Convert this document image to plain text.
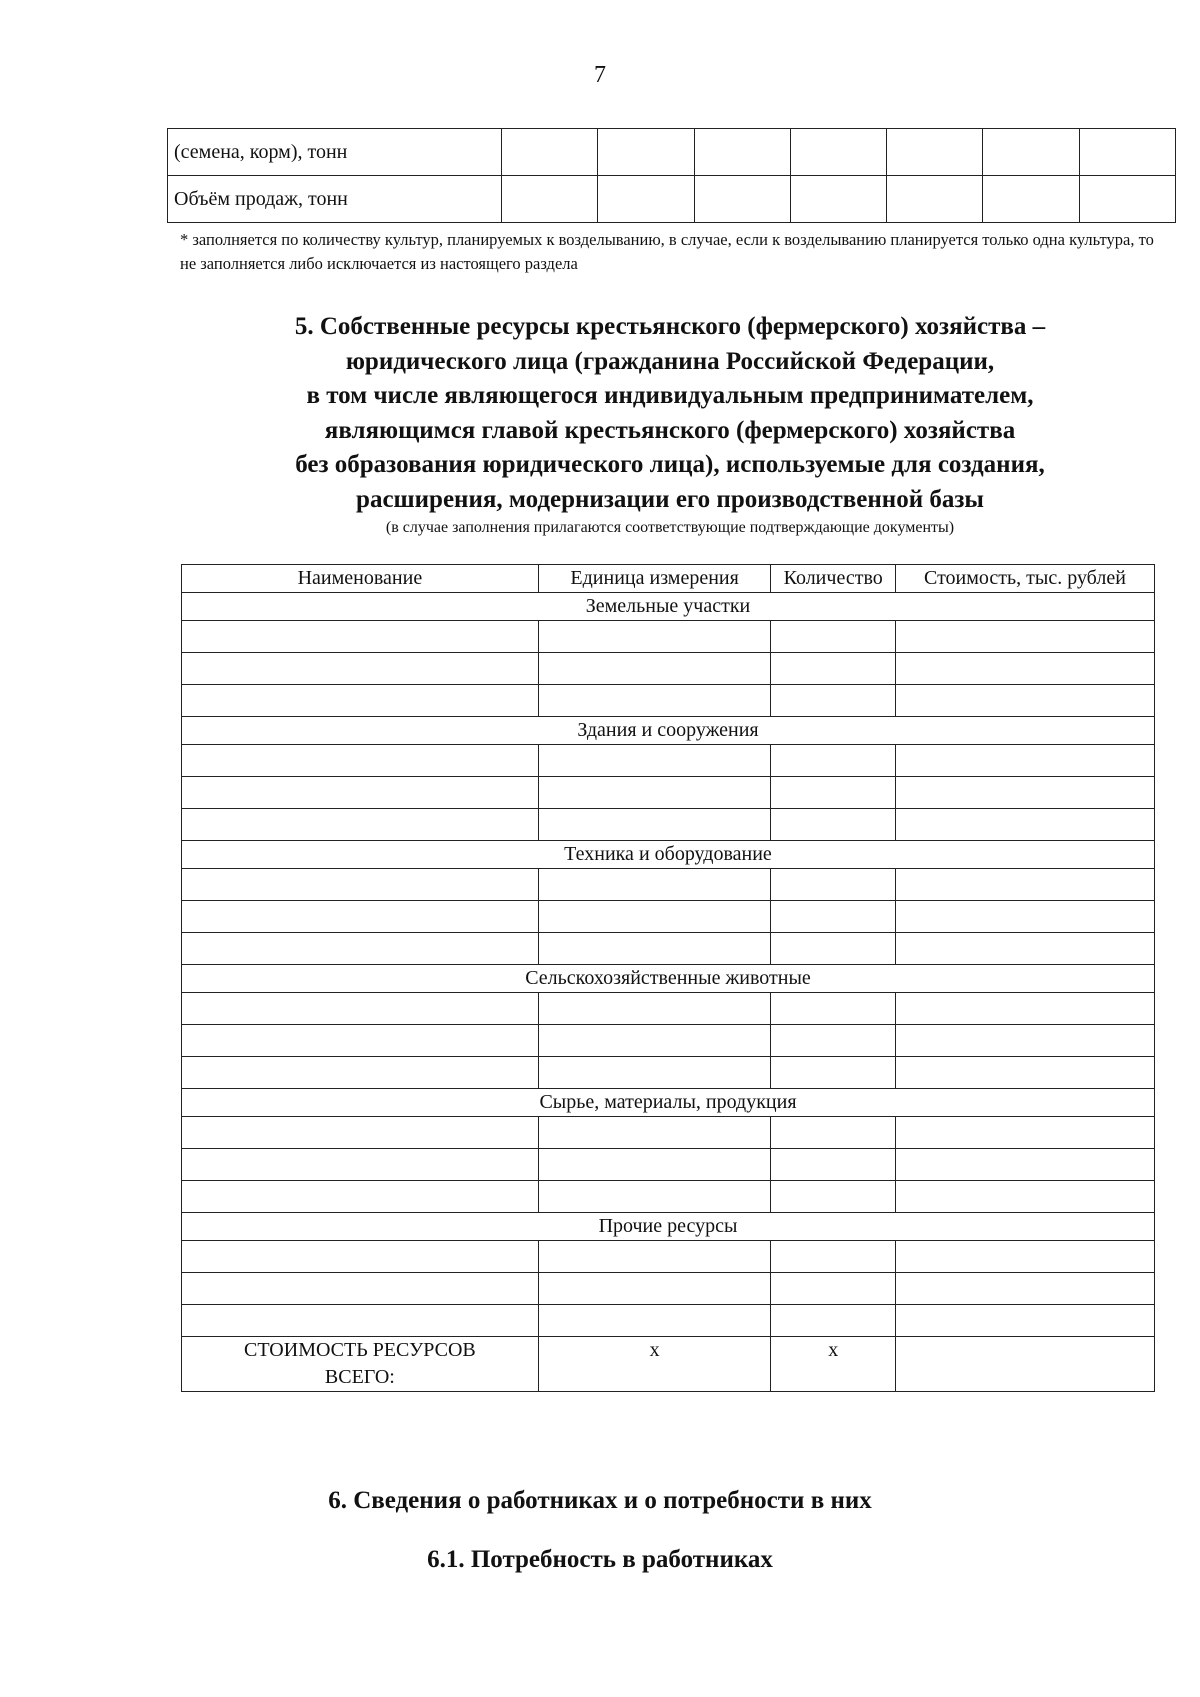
7
(семена, корм), тонн							
Объём продаж, тонн							
* заполняется по количеству культур, планируемых к возделыванию, в случае, если к возделыванию планируется только одна культура, то не заполняется либо исключается из настоящего раздела
5. Собственные ресурсы крестьянского (фермерского) хозяйства –
юридического лица (гражданина Российской Федерации,
в том числе являющегося индивидуальным предпринимателем,
являющимся главой крестьянского (фермерского) хозяйства
без образования юридического лица), используемые для создания,
расширения, модернизации его производственной базы
(в случае заполнения прилагаются соответствующие подтверждающие документы)
Наименование	Единица измерения	Количество	Стоимость, тыс. рублей
Земельные участки			

Здания и сооружения			

Техника и оборудование			

Сельскохозяйственные животные			

Сырье, материалы, продукция			

Прочие ресурсы			

СТОИМОСТЬ РЕСУРСОВ
ВСЕГО:	x	x	
6. Сведения о работниках и о потребности в них
6.1. Потребность в работниках
